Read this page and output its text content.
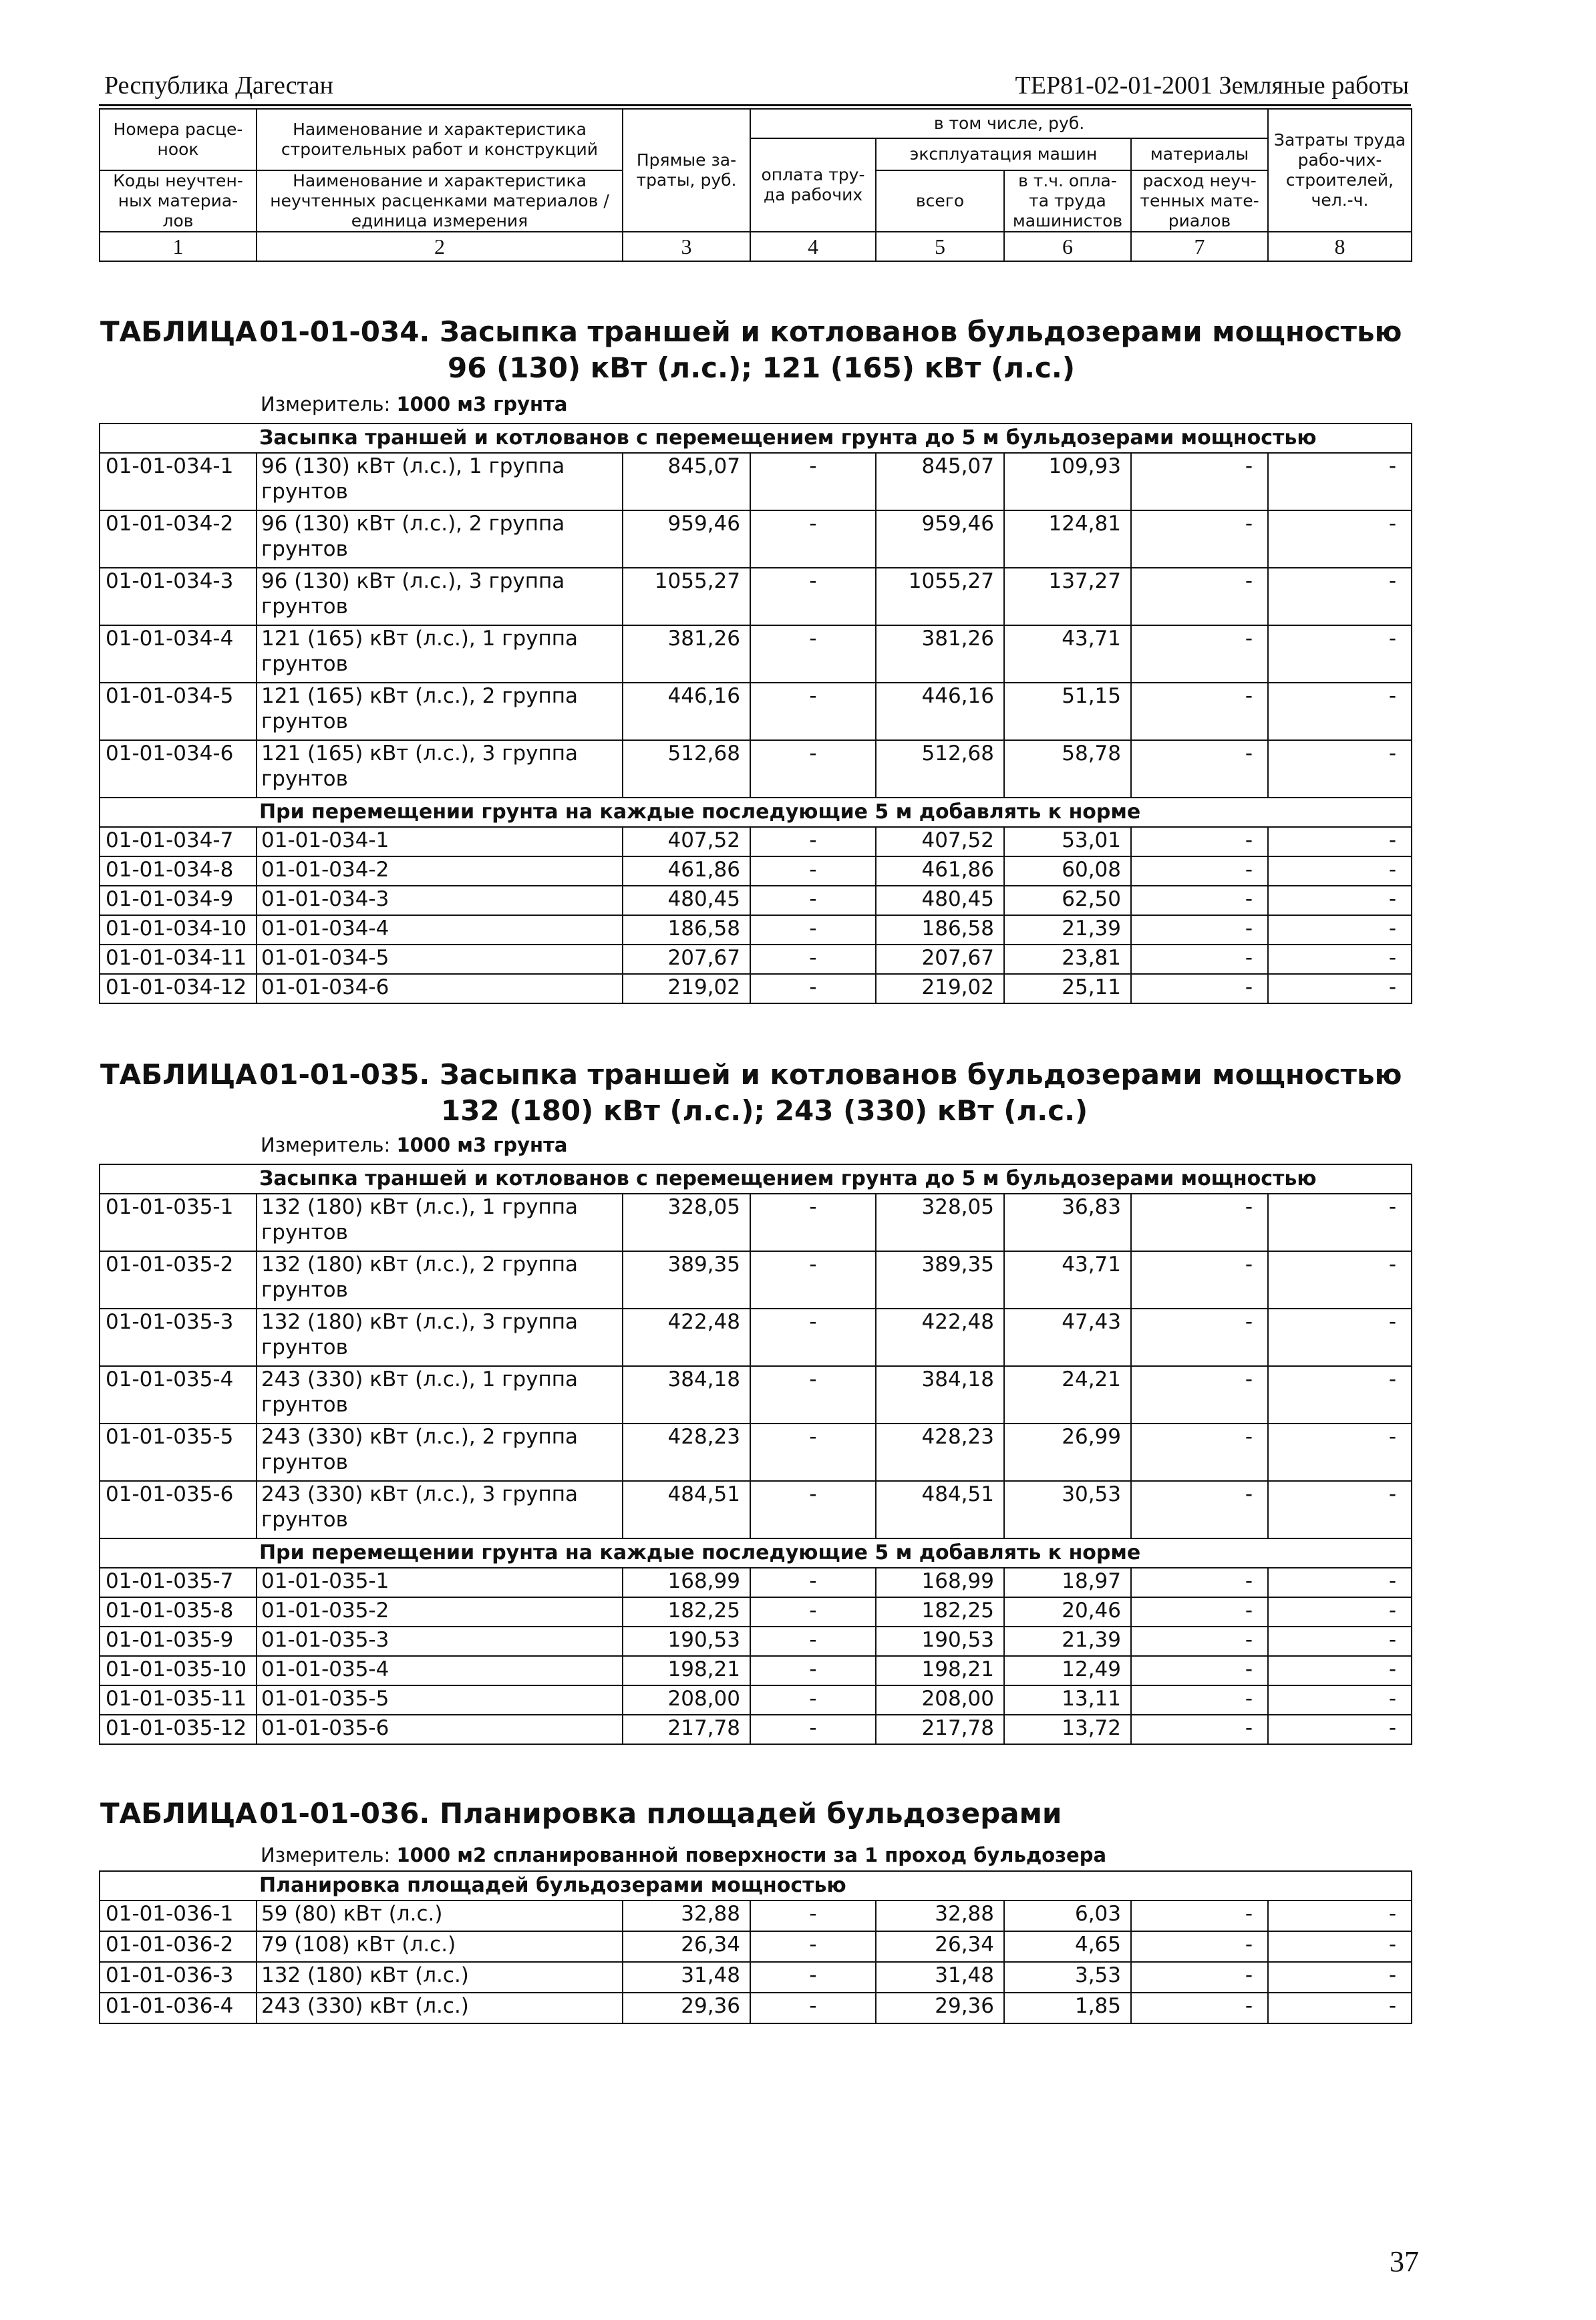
Республика Дагестан	ТЕР81-02-01-2001 Земляные работы
Номера расце-ноок	Наименование и характеристика строительных работ и конструкций	Прямые за-траты, руб.	в том числе, руб.				Затраты труда рабо-чих-строителей, чел.-ч.
			оплата тру-да рабочих	эксплуатация машин		материалы	
Коды неучтен-ных материа-лов	Наименование и характеристика неучтенных расценками материалов / единица измерения			всего	в т.ч. опла-та труда машинистов	расход неуч-тенных мате-риалов	

1	2	3	4	5	6	7	8
ТАБЛИЦА 01-01-034. Засыпка траншей и котлованов бульдозерами мощностью
96 (130) кВт (л.с.); 121 (165) кВт (л.с.)
Измеритель: 1000 м3 грунта
Засыпка траншей и котлованов с перемещением грунта до 5 м бульдозерами мощностью							
01-01-034-1	96 (130) кВт (л.с.), 1 группа
грунтов	845,07	-	845,07	109,93	-	-
01-01-034-2	96 (130) кВт (л.с.), 2 группа
грунтов	959,46	-	959,46	124,81	-	-
01-01-034-3	96 (130) кВт (л.с.), 3 группа
грунтов	1055,27	-	1055,27	137,27	-	-
01-01-034-4	121 (165) кВт (л.с.), 1 группа
грунтов	381,26	-	381,26	43,71	-	-
01-01-034-5	121 (165) кВт (л.с.), 2 группа
грунтов	446,16	-	446,16	51,15	-	-
01-01-034-6	121 (165) кВт (л.с.), 3 группа
грунтов	512,68	-	512,68	58,78	-	-
При перемещении грунта на каждые последующие 5 м добавлять к норме							
01-01-034-7	01-01-034-1	407,52	-	407,52	53,01	-	-
01-01-034-8	01-01-034-2	461,86	-	461,86	60,08	-	-
01-01-034-9	01-01-034-3	480,45	-	480,45	62,50	-	-
01-01-034-10	01-01-034-4	186,58	-	186,58	21,39	-	-
01-01-034-11	01-01-034-5	207,67	-	207,67	23,81	-	-
01-01-034-12	01-01-034-6	219,02	-	219,02	25,11	-	-
ТАБЛИЦА 01-01-035. Засыпка траншей и котлованов бульдозерами мощностью
132 (180) кВт (л.с.); 243 (330) кВт (л.с.)
Измеритель: 1000 м3 грунта
Засыпка траншей и котлованов с перемещением грунта до 5 м бульдозерами мощностью							
01-01-035-1	132 (180) кВт (л.с.), 1 группа
грунтов	328,05	-	328,05	36,83	-	-
01-01-035-2	132 (180) кВт (л.с.), 2 группа
грунтов	389,35	-	389,35	43,71	-	-
01-01-035-3	132 (180) кВт (л.с.), 3 группа
грунтов	422,48	-	422,48	47,43	-	-
01-01-035-4	243 (330) кВт (л.с.), 1 группа
грунтов	384,18	-	384,18	24,21	-	-
01-01-035-5	243 (330) кВт (л.с.), 2 группа
грунтов	428,23	-	428,23	26,99	-	-
01-01-035-6	243 (330) кВт (л.с.), 3 группа
грунтов	484,51	-	484,51	30,53	-	-
При перемещении грунта на каждые последующие 5 м добавлять к норме							
01-01-035-7	01-01-035-1	168,99	-	168,99	18,97	-	-
01-01-035-8	01-01-035-2	182,25	-	182,25	20,46	-	-
01-01-035-9	01-01-035-3	190,53	-	190,53	21,39	-	-
01-01-035-10	01-01-035-4	198,21	-	198,21	12,49	-	-
01-01-035-11	01-01-035-5	208,00	-	208,00	13,11	-	-
01-01-035-12	01-01-035-6	217,78	-	217,78	13,72	-	-
ТАБЛИЦА 01-01-036. Планировка площадей бульдозерами
Измеритель: 1000 м2 спланированной поверхности за 1 проход бульдозера
Планировка площадей бульдозерами мощностью							
01-01-036-1	59 (80) кВт (л.с.)	32,88	-	32,88	6,03	-	-
01-01-036-2	79 (108) кВт (л.с.)	26,34	-	26,34	4,65	-	-
01-01-036-3	132 (180) кВт (л.с.)	31,48	-	31,48	3,53	-	-
01-01-036-4	243 (330) кВт (л.с.)	29,36	-	29,36	1,85	-	-
37
